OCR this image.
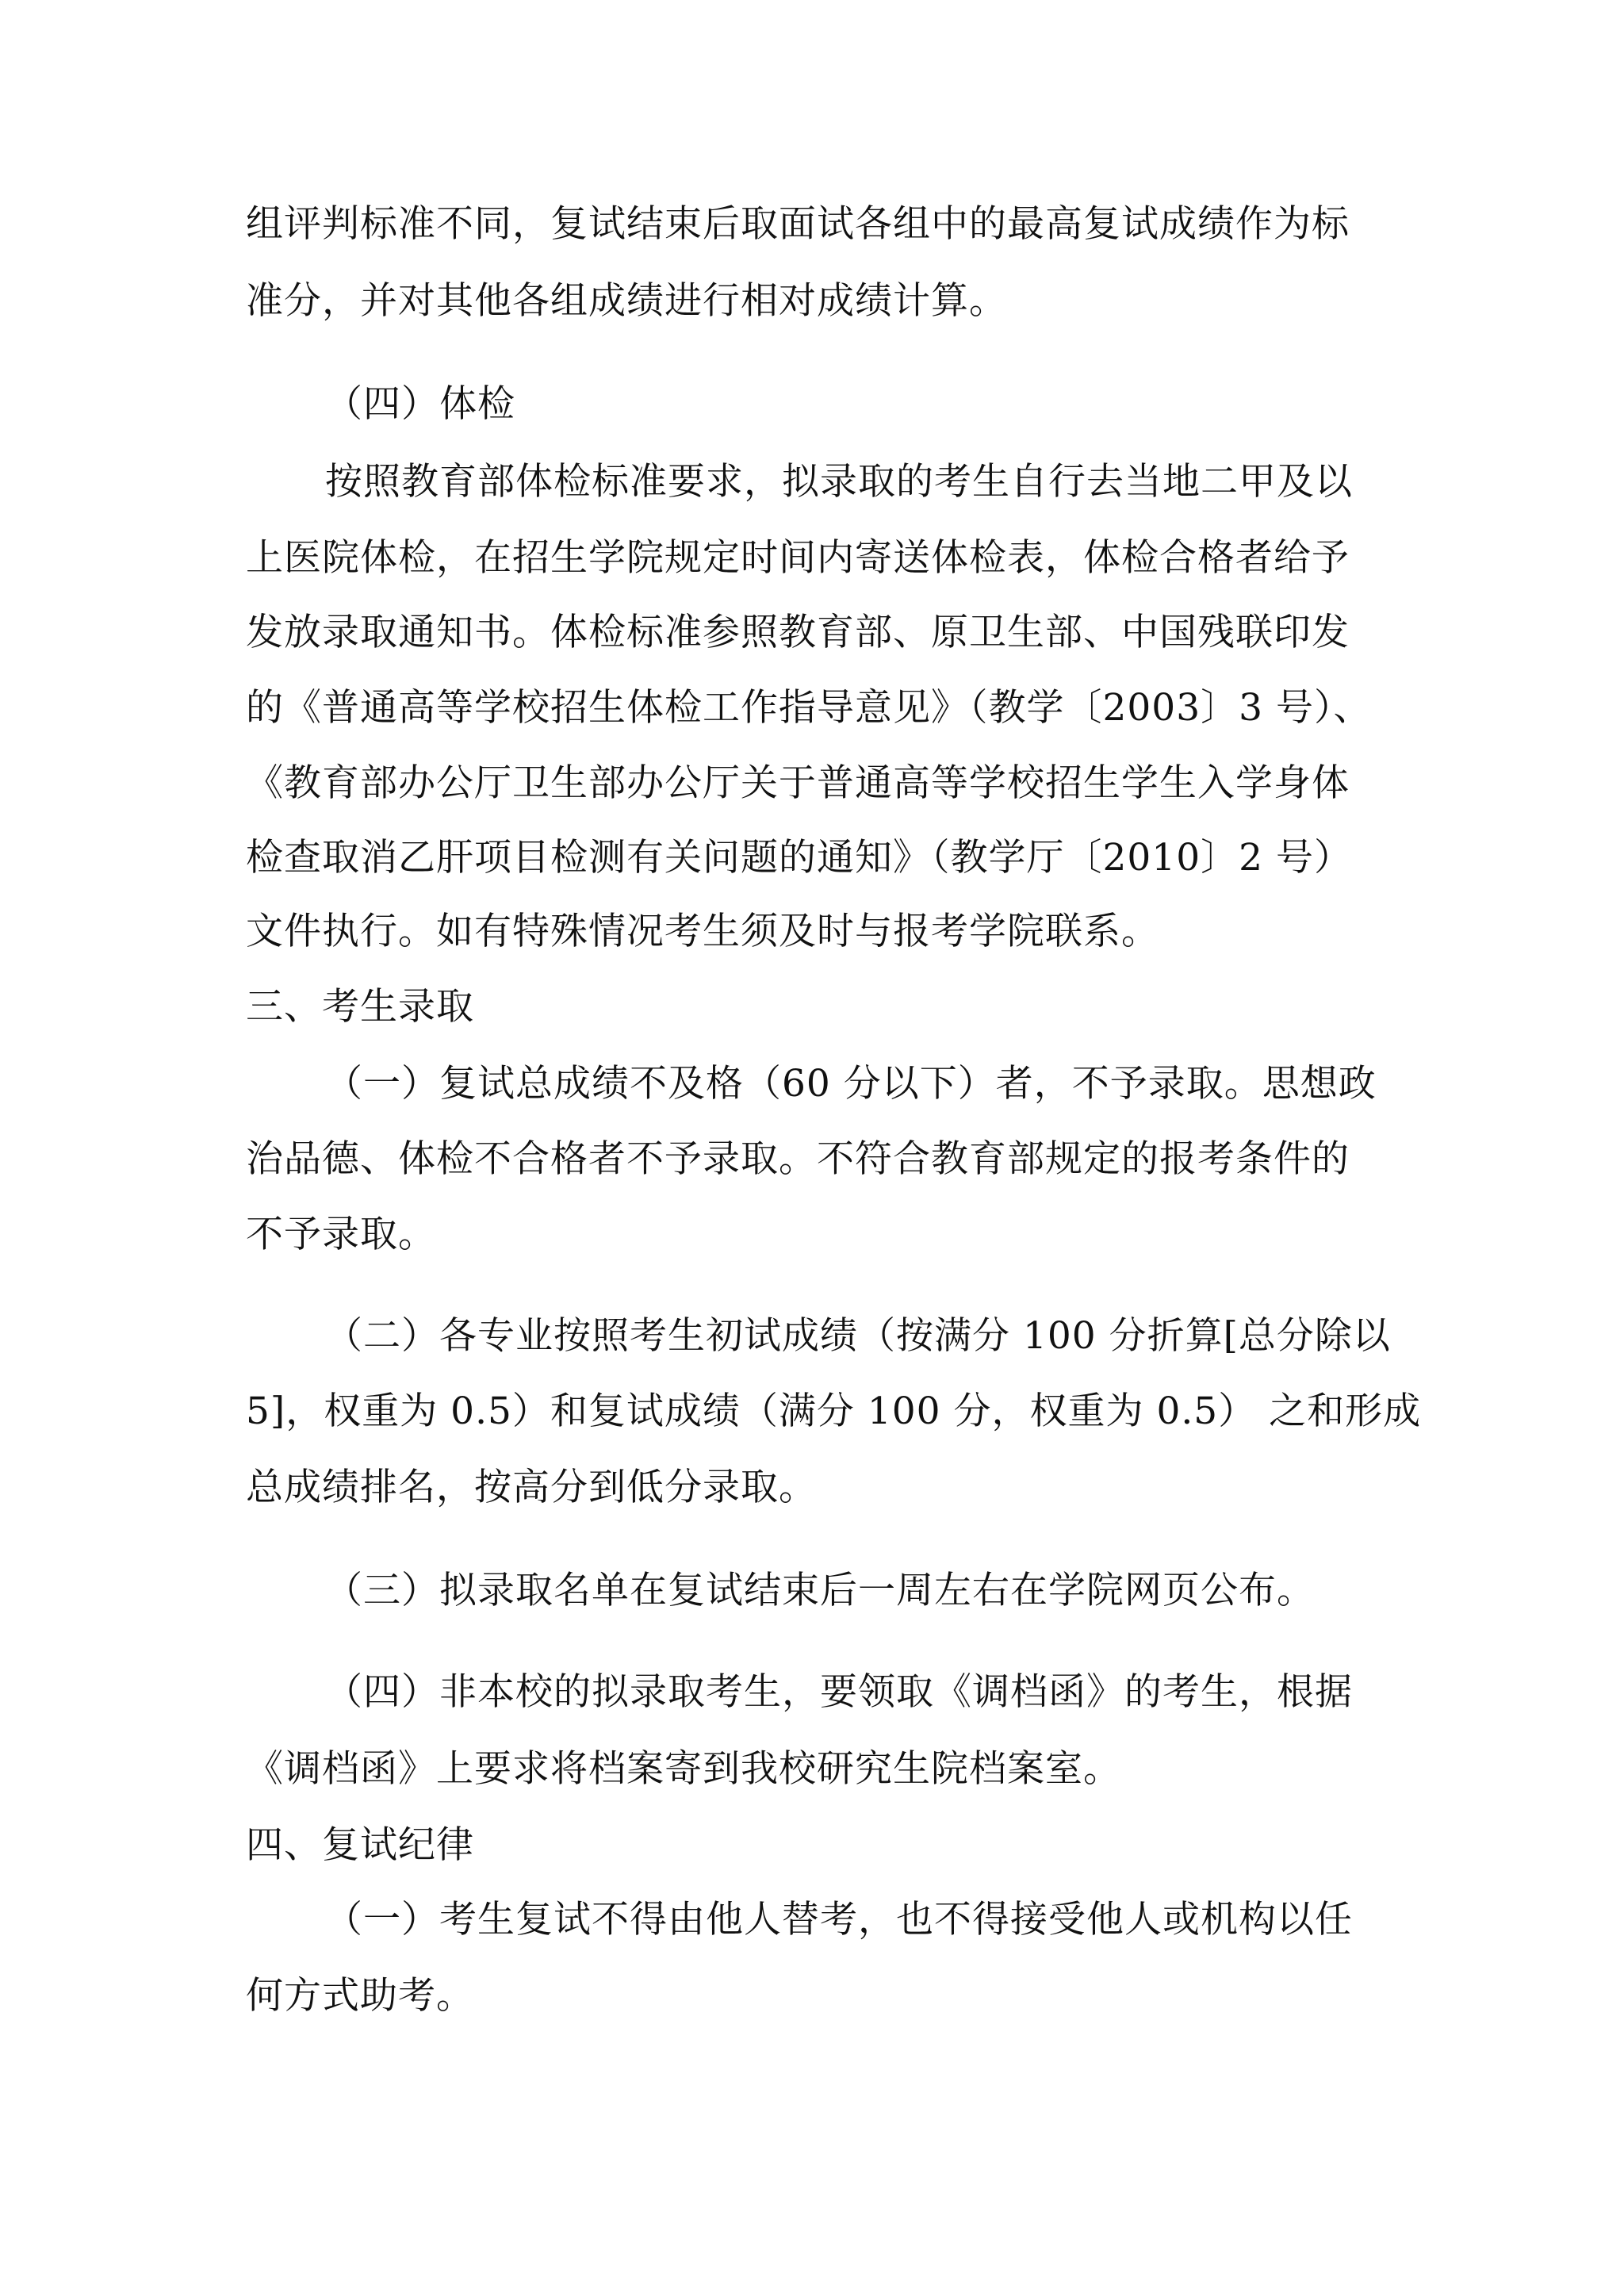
组评判标准不同，复试结束后取面试各组中的最高复试成绩作为标
准分，并对其他各组成绩进行相对成绩计算。
（四）体检
按照教育部体检标准要求，拟录取的考生自行去当地二甲及以
上医院体检，在招生学院规定时间内寄送体检表，体检合格者给予
发放录取通知书。体检标准参照教育部、原卫生部、中国残联印发
的《普通高等学校招生体检工作指导意见》（教学〔2003〕3 号）、
《教育部办公厅卫生部办公厅关于普通高等学校招生学生入学身体
检查取消乙肝项目检测有关问题的通知》（教学厅〔2010〕2 号）
文件执行。如有特殊情况考生须及时与报考学院联系。
三、考生录取
（一）复试总成绩不及格（60 分以下）者，不予录取。思想政
治品德、体检不合格者不予录取。不符合教育部规定的报考条件的
不予录取。
（二）各专业按照考生初试成绩（按满分 100 分折算[总分除以
5]，权重为 0.5）和复试成绩（满分 100 分，权重为 0.5） 之和形成
总成绩排名，按高分到低分录取。
（三）拟录取名单在复试结束后一周左右在学院网页公布。
（四）非本校的拟录取考生，要领取《调档函》的考生，根据
《调档函》上要求将档案寄到我校研究生院档案室。
四、复试纪律
（一）考生复试不得由他人替考，也不得接受他人或机构以任
何方式助考。
